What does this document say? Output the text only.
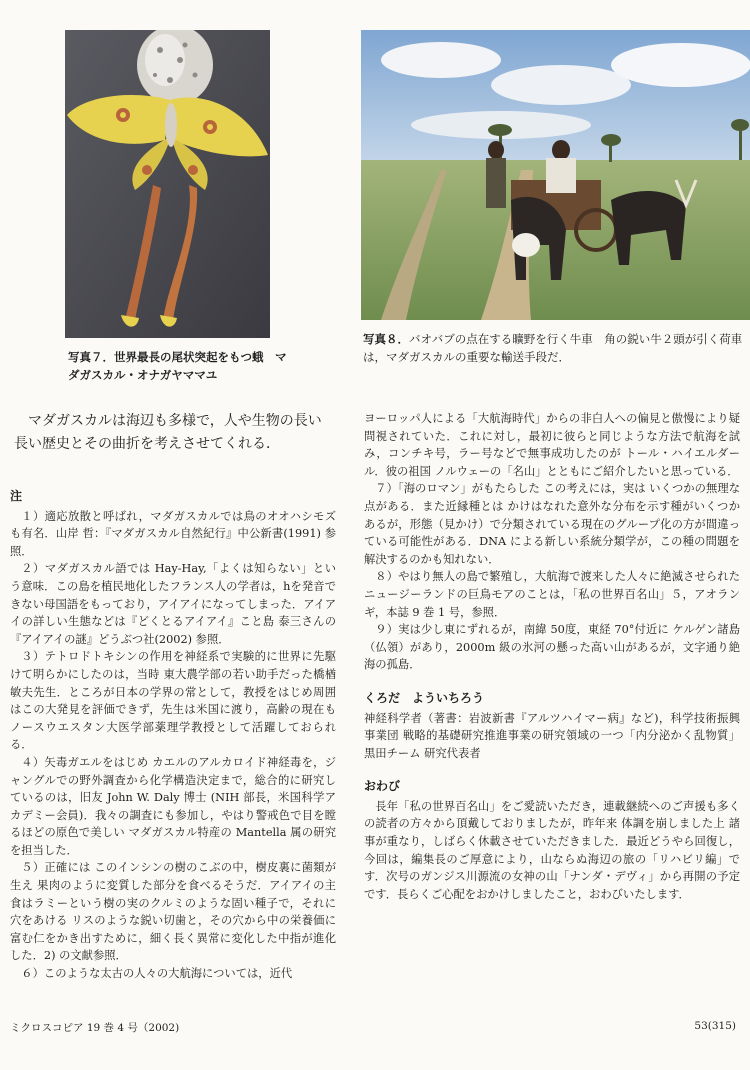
写真７．世界最長の尾状突起をもつ蛾　マダガスカル・オナガヤママユ
写真８．バオバブの点在する曠野を行く牛車　角の鋭い牛２頭が引く荷車は，マダガスカルの重要な輸送手段だ．

マダガスカルは海辺も多様で，人や生物の長い長い歴史とその曲折を考えさせてくれる．

注

１）適応放散と呼ばれ，マダガスカルでは鳥のオオハシモズも有名．山岸 哲：『マダガスカル自然紀行』中公新書(1991) 参照．

２）マダガスカル語では Hay-Hay,「よくは知らない」という意味．この島を植民地化したフランス人の学者は，hを発音できない母国語をもっており，アイアイになってしまった．アイアイの詳しい生態などは『どくとるアイアイ』こと島 泰三さんの『アイアイの謎』どうぶつ社(2002) 参照．

３）テトロドトキシンの作用を神経系で実験的に世界に先駆けて明らかにしたのは，当時 東大農学部の若い助手だった橋楢敏夫先生．ところが日本の学界の常として，教授をはじめ周囲はこの大発見を評価できず，先生は米国に渡り，高齢の現在も ノースウエスタン大医学部薬理学教授として活躍しておられる．

４）矢毒ガエルをはじめ カエルのアルカロイド神経毒を，ジャングルでの野外調査から化学構造決定まで，総合的に研究しているのは，旧友 John W. Daly 博士 (NIH 部長，米国科学アカデミー会員)．我々の調査にも参加し，やはり警戒色で目を瞠るほどの原色で美しい マダガスカル特産の Mantella 属の研究を担当した．

５）正確には このインシンの樹のこぶの中，樹皮裏に菌類が生え 果肉のように変質した部分を食べるそうだ．アイアイの主食はラミーという樹の実のクルミのような固い種子で，それに穴をあける リスのような鋭い切歯と，その穴から中の栄養価に富む仁をかき出すために，細く長く異常に変化した中指が進化した．2) の文献参照．

６）このような太古の人々の大航海については，近代

ヨーロッパ人による「大航海時代」からの非白人への偏見と傲慢により疑問視されていた．これに対し，最初に彼らと同じような方法で航海を試み，コンチキ号，ラー号などで無事成功したのが トール・ハイエルダール．彼の祖国 ノルウェーの「名山」とともにご紹介したいと思っている．

７）「海のロマン」がもたらした この考えには，実は いくつかの無理な点がある．また近縁種とは かけはなれた意外な分布を示す種がいくつかあるが，形態（見かけ）で分類されている現在のグループ化の方が間違っている可能性がある．DNA による新しい系統分類学が，この種の問題を解決するのかも知れない．

８）やはり無人の島で繁殖し，大航海で渡来した人々に絶滅させられたニュージーランドの巨鳥モアのことは，「私の世界百名山」５，アオランギ，本誌 9 巻 1 号，参照．

９）実は少し東にずれるが，南緯 50度，東経 70°付近に ケルゲン諸島（仏領）があり，2000m 級の氷河の懸った高い山があるが，文字通り絶海の孤島．

くろだ　よういちろう

神経科学者（著書：岩波新書『アルツハイマー病』など)，科学技術振興事業団 戦略的基礎研究推進事業の研究領域の一つ「内分泌かく乱物質」黒田チーム 研究代表者

おわび

長年「私の世界百名山」をご愛読いただき，連載継続へのご声援も多くの読者の方々から頂戴しておりましたが，昨年来 体調を崩しました上 諸事が重なり，しばらく休載させていただきました．最近どうやら回復し，今回は，編集長のご厚意により，山ならぬ海辺の旅の「リハビリ編」です．次号のガンジス川源流の女神の山「ナンダ・デヴィ」から再開の予定です．長らくご心配をおかけしましたこと，おわびいたします．

ミクロスコピア 19 巻 4 号（2002)	53(315)
